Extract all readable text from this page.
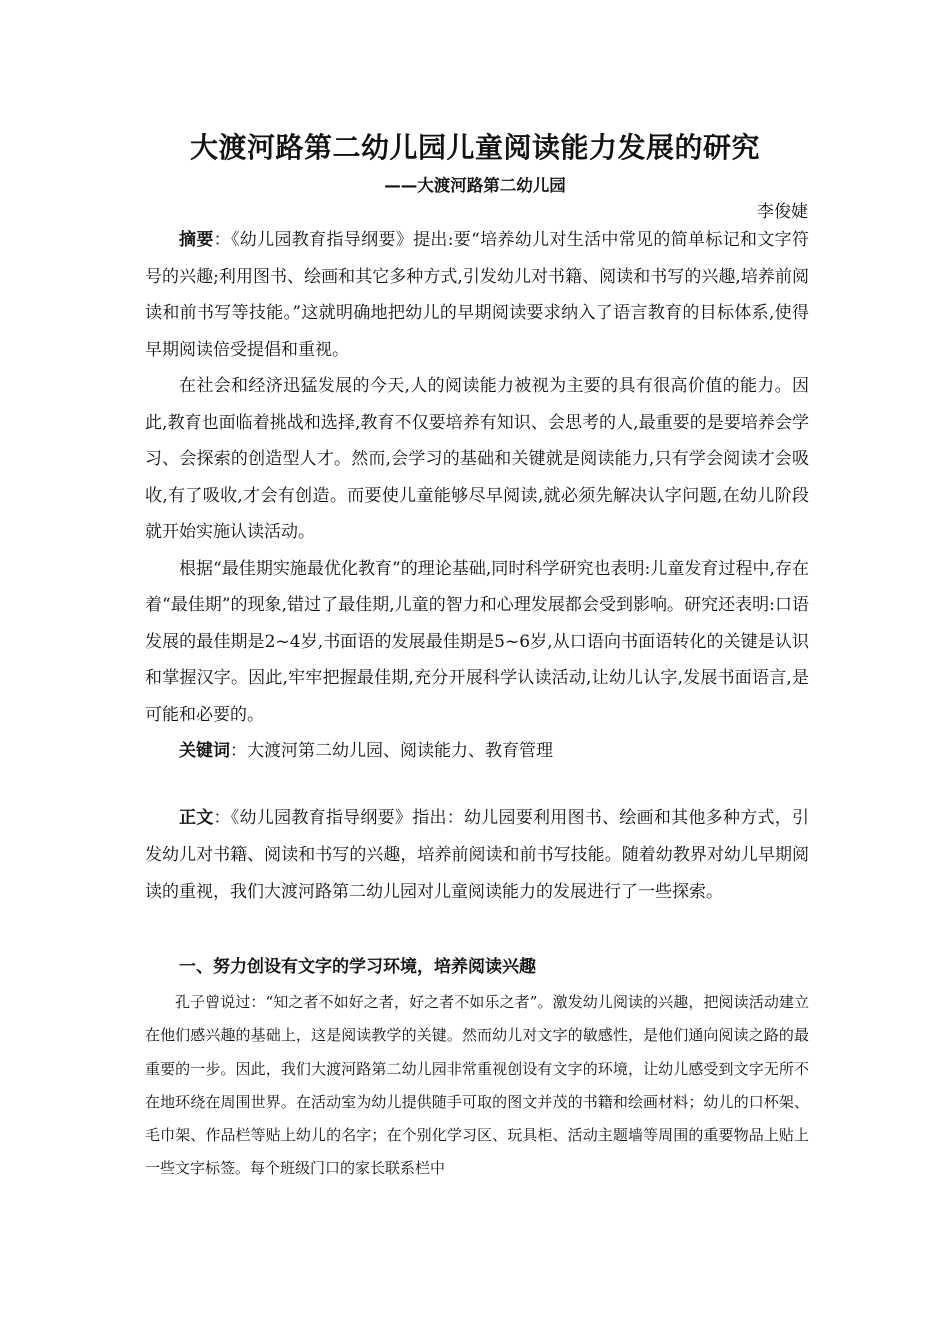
大渡河路第二幼儿园儿童阅读能力发展的研究
——大渡河路第二幼儿园
李俊婕

摘要：《幼儿园教育指导纲要》提出:要“培养幼儿对生活中常见的简单标记和文字符号的兴趣;利用图书、绘画和其它多种方式,引发幼儿对书籍、阅读和书写的兴趣,培养前阅读和前书写等技能。”这就明确地把幼儿的早期阅读要求纳入了语言教育的目标体系,使得早期阅读倍受提倡和重视。

在社会和经济迅猛发展的今天,人的阅读能力被视为主要的具有很高价值的能力。因此,教育也面临着挑战和选择,教育不仅要培养有知识、会思考的人,最重要的是要培养会学习、会探索的创造型人才。然而,会学习的基础和关键就是阅读能力,只有学会阅读才会吸收,有了吸收,才会有创造。而要使儿童能够尽早阅读,就必须先解决认字问题,在幼儿阶段就开始实施认读活动。

根据“最佳期实施最优化教育”的理论基础,同时科学研究也表明:儿童发育过程中,存在着“最佳期”的现象,错过了最佳期,儿童的智力和心理发展都会受到影响。研究还表明:口语发展的最佳期是2~4岁,书面语的发展最佳期是5~6岁,从口语向书面语转化的关键是认识和掌握汉字。因此,牢牢把握最佳期,充分开展科学认读活动,让幼儿认字,发展书面语言,是可能和必要的。

关键词：大渡河第二幼儿园、阅读能力、教育管理

正文：《幼儿园教育指导纲要》指出：幼儿园要利用图书、绘画和其他多种方式，引发幼儿对书籍、阅读和书写的兴趣，培养前阅读和前书写技能。随着幼教界对幼儿早期阅读的重视，我们大渡河路第二幼儿园对儿童阅读能力的发展进行了一些探索。

一、努力创设有文字的学习环境，培养阅读兴趣

孔子曾说过：“知之者不如好之者，好之者不如乐之者”。激发幼儿阅读的兴趣，把阅读活动建立在他们感兴趣的基础上，这是阅读教学的关键。然而幼儿对文字的敏感性，是他们通向阅读之路的最重要的一步。因此，我们大渡河路第二幼儿园非常重视创设有文字的环境，让幼儿感受到文字无所不在地环绕在周围世界。在活动室为幼儿提供随手可取的图文并茂的书籍和绘画材料；幼儿的口杯架、毛巾架、作品栏等贴上幼儿的名字；在个别化学习区、玩具柜、活动主题墙等周围的重要物品上贴上一些文字标签。每个班级门口的家长联系栏中
